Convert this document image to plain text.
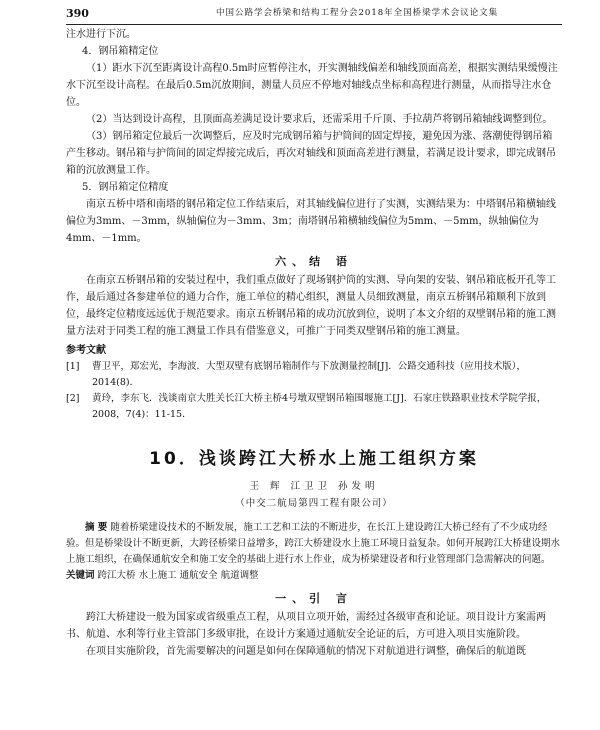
390	中国公路学会桥梁和结构工程分会2018年全国桥梁学术会议论文集

注水进行下沉。

4．钢吊箱精定位

（1）距水下沉至距离设计高程0.5m时应暂停注水，开实测轴线偏差和轴线顶面高差，根据实测结果缓慢注水下沉至设计高程。在最后0.5m沉放期间，测量人员应不停地对轴线点坐标和高程进行测量，从而指导注水仓位。

（2）当达到设计高程，且顶面高差满足设计要求后，还需采用千斤顶、手拉葫芦将钢吊箱轴线调整到位。

（3）钢吊箱定位最后一次调整后，应及时完成钢吊箱与护筒间的固定焊接，避免因为涨、落潮使得钢吊箱产生移动。钢吊箱与护筒间的固定焊接完成后，再次对轴线和顶面高差进行测量，若满足设计要求，即完成钢吊箱的沉放测量工作。

5．钢吊箱定位精度

南京五桥中塔和南塔的钢吊箱定位工作结束后，对其轴线偏位进行了实测，实测结果为：中塔钢吊箱横轴线偏位为3mm、－3mm，纵轴偏位为－3mm、3m；南塔钢吊箱横轴线偏位为5mm、－5mm，纵轴偏位为4mm、－1mm。

六、结 语

在南京五桥钢吊箱的安装过程中，我们重点做好了现场钢护筒的实测、导向架的安装、钢吊箱底板开孔等工作，最后通过各参建单位的通力合作，施工单位的精心组织，测量人员细致测量，南京五桥钢吊箱顺利下放到位，最终定位精度远远优于规范要求。南京五桥钢吊箱的成功沉放到位，说明了本文介绍的双壁钢吊箱的施工测量方法对于同类工程的施工测量工作具有借鉴意义，可推广于同类双壁钢吊箱的施工测量。

参考文献

[1]	曹卫平，郑宏光，李海波．大型双壁有底钢吊箱制作与下放测量控制[J]．公路交通科技（应用技术版），2014(8)．
[2]	黄玲，李东飞．浅谈南京大胜关长江大桥主桥4号墩双壁钢吊箱围堰施工[J]．石家庄铁路职业技术学院学报，2008，7(4)：11-15．
10．浅谈跨江大桥水上施工组织方案
王 辉 江卫卫 孙发明
（中交二航局第四工程有限公司）

摘 要 随着桥梁建设技术的不断发展，施工工艺和工法的不断进步，在长江上建设跨江大桥已经有了不少成功经验。但是桥梁设计不断更新，大跨径桥梁日益增多，跨江大桥建设水上施工环境日益复杂。如何开展跨江大桥建设期水上施工组织，在确保通航安全和施工安全的基础上进行水上作业，成为桥梁建设者和行业管理部门急需解决的问题。

关键词 跨江大桥 水上施工 通航安全 航道调整

一、引 言

跨江大桥建设一般为国家或省级重点工程，从项目立项开始，需经过各级审查和论证。项目设计方案需两书、航道、水利等行业主管部门多级审批，在设计方案通过通航安全论证的后，方可进入项目实施阶段。

在项目实施阶段，首先需要解决的问题是如何在保障通航的情况下对航道进行调整，确保后的航道既
